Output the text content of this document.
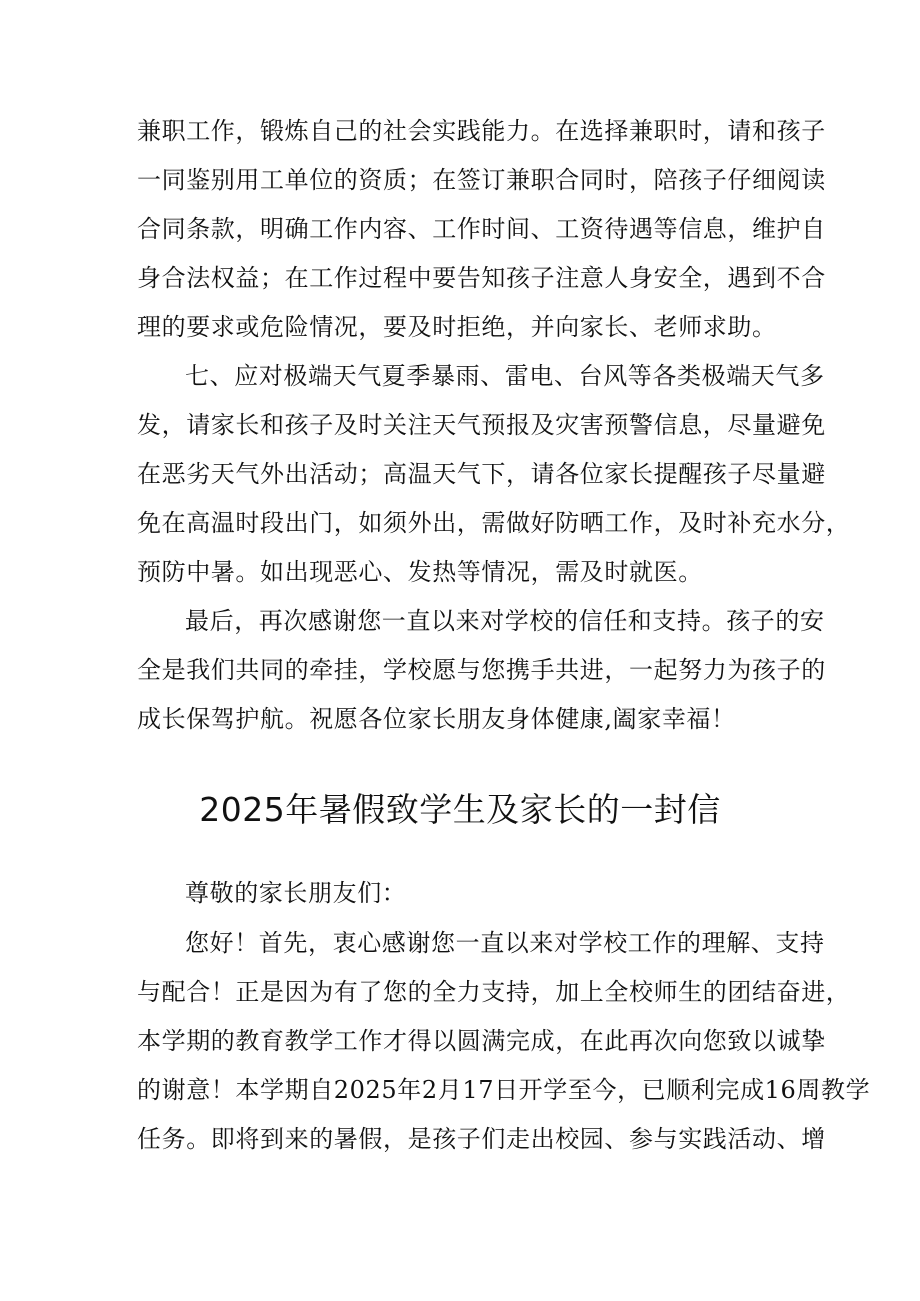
兼职工作，锻炼自己的社会实践能力。在选择兼职时，请和孩子
一同鉴别用工单位的资质；在签订兼职合同时，陪孩子仔细阅读
合同条款，明确工作内容、工作时间、工资待遇等信息，维护自
身合法权益；在工作过程中要告知孩子注意人身安全，遇到不合
理的要求或危险情况，要及时拒绝，并向家长、老师求助。
七、应对极端天气夏季暴雨、雷电、台风等各类极端天气多
发，请家长和孩子及时关注天气预报及灾害预警信息，尽量避免
在恶劣天气外出活动；高温天气下，请各位家长提醒孩子尽量避
免在高温时段出门，如须外出，需做好防晒工作，及时补充水分，
预防中暑。如出现恶心、发热等情况，需及时就医。
最后，再次感谢您一直以来对学校的信任和支持。孩子的安
全是我们共同的牵挂，学校愿与您携手共进，一起努力为孩子的
成长保驾护航。祝愿各位家长朋友身体健康,阖家幸福！
2025年暑假致学生及家长的一封信
尊敬的家长朋友们：
您好！首先，衷心感谢您一直以来对学校工作的理解、支持
与配合！正是因为有了您的全力支持，加上全校师生的团结奋进，
本学期的教育教学工作才得以圆满完成，在此再次向您致以诚挚
的谢意！本学期自2025年2月17日开学至今，已顺利完成16周教学
任务。即将到来的暑假，是孩子们走出校园、参与实践活动、增
